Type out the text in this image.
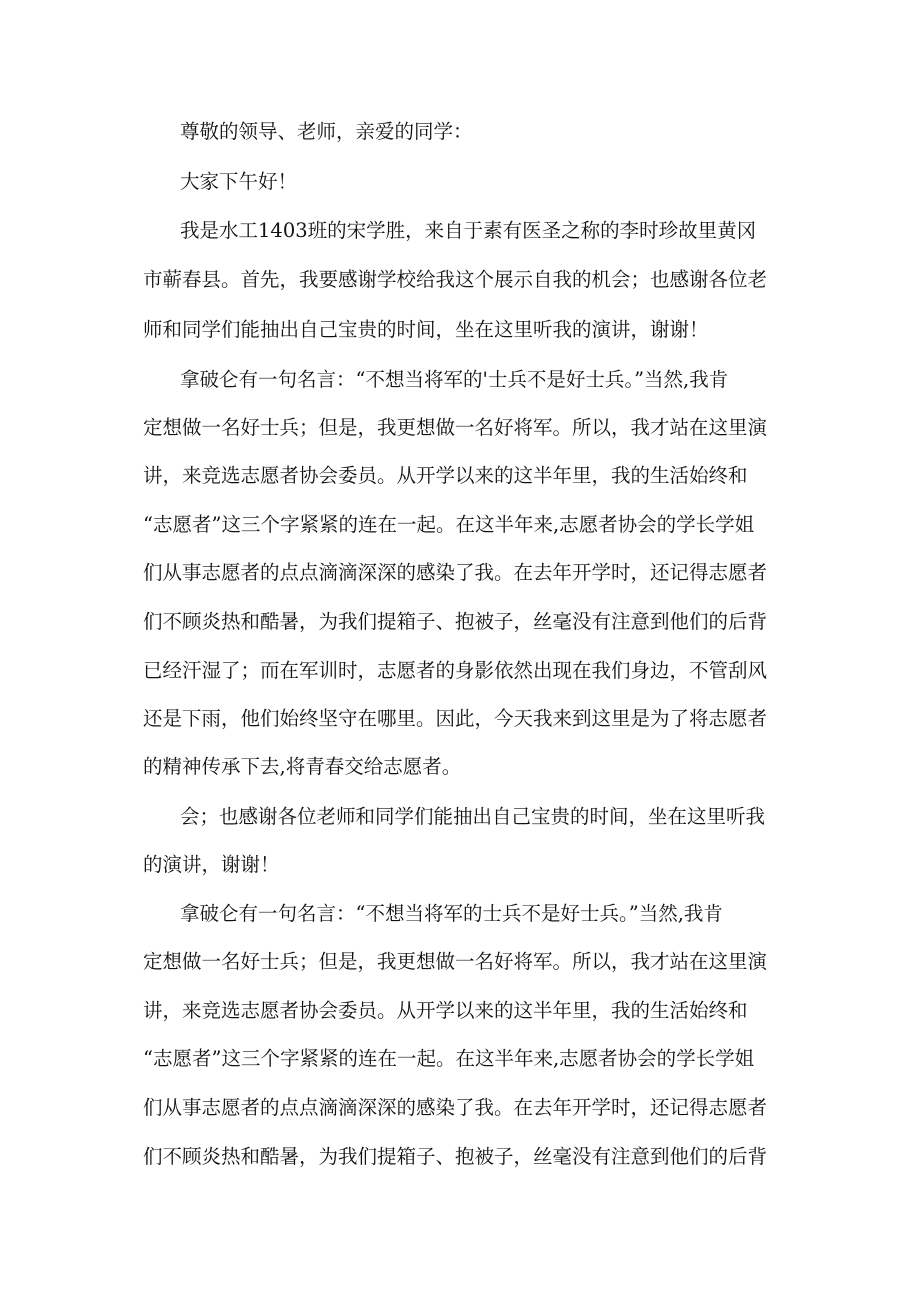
尊敬的领导、老师，亲爱的同学：
大家下午好！
我是水工1403班的宋学胜，来自于素有医圣之称的李时珍故里黄冈
市蕲春县。首先，我要感谢学校给我这个展示自我的机会；也感谢各位老
师和同学们能抽出自己宝贵的时间，坐在这里听我的演讲，谢谢！
拿破仑有一句名言：“不想当将军的'士兵不是好士兵。”当然,我肯
定想做一名好士兵；但是，我更想做一名好将军。所以，我才站在这里演
讲，来竞选志愿者协会委员。从开学以来的这半年里，我的生活始终和
“志愿者”这三个字紧紧的连在一起。在这半年来,志愿者协会的学长学姐
们从事志愿者的点点滴滴深深的感染了我。在去年开学时，还记得志愿者
们不顾炎热和酷暑，为我们提箱子、抱被子，丝毫没有注意到他们的后背
已经汗湿了；而在军训时，志愿者的身影依然出现在我们身边，不管刮风
还是下雨，他们始终坚守在哪里。因此，今天我来到这里是为了将志愿者
的精神传承下去,将青春交给志愿者。
会；也感谢各位老师和同学们能抽出自己宝贵的时间，坐在这里听我
的演讲，谢谢！
拿破仑有一句名言：“不想当将军的士兵不是好士兵。”当然,我肯
定想做一名好士兵；但是，我更想做一名好将军。所以，我才站在这里演
讲，来竞选志愿者协会委员。从开学以来的这半年里，我的生活始终和
“志愿者”这三个字紧紧的连在一起。在这半年来,志愿者协会的学长学姐
们从事志愿者的点点滴滴深深的感染了我。在去年开学时，还记得志愿者
们不顾炎热和酷暑，为我们提箱子、抱被子，丝毫没有注意到他们的后背
